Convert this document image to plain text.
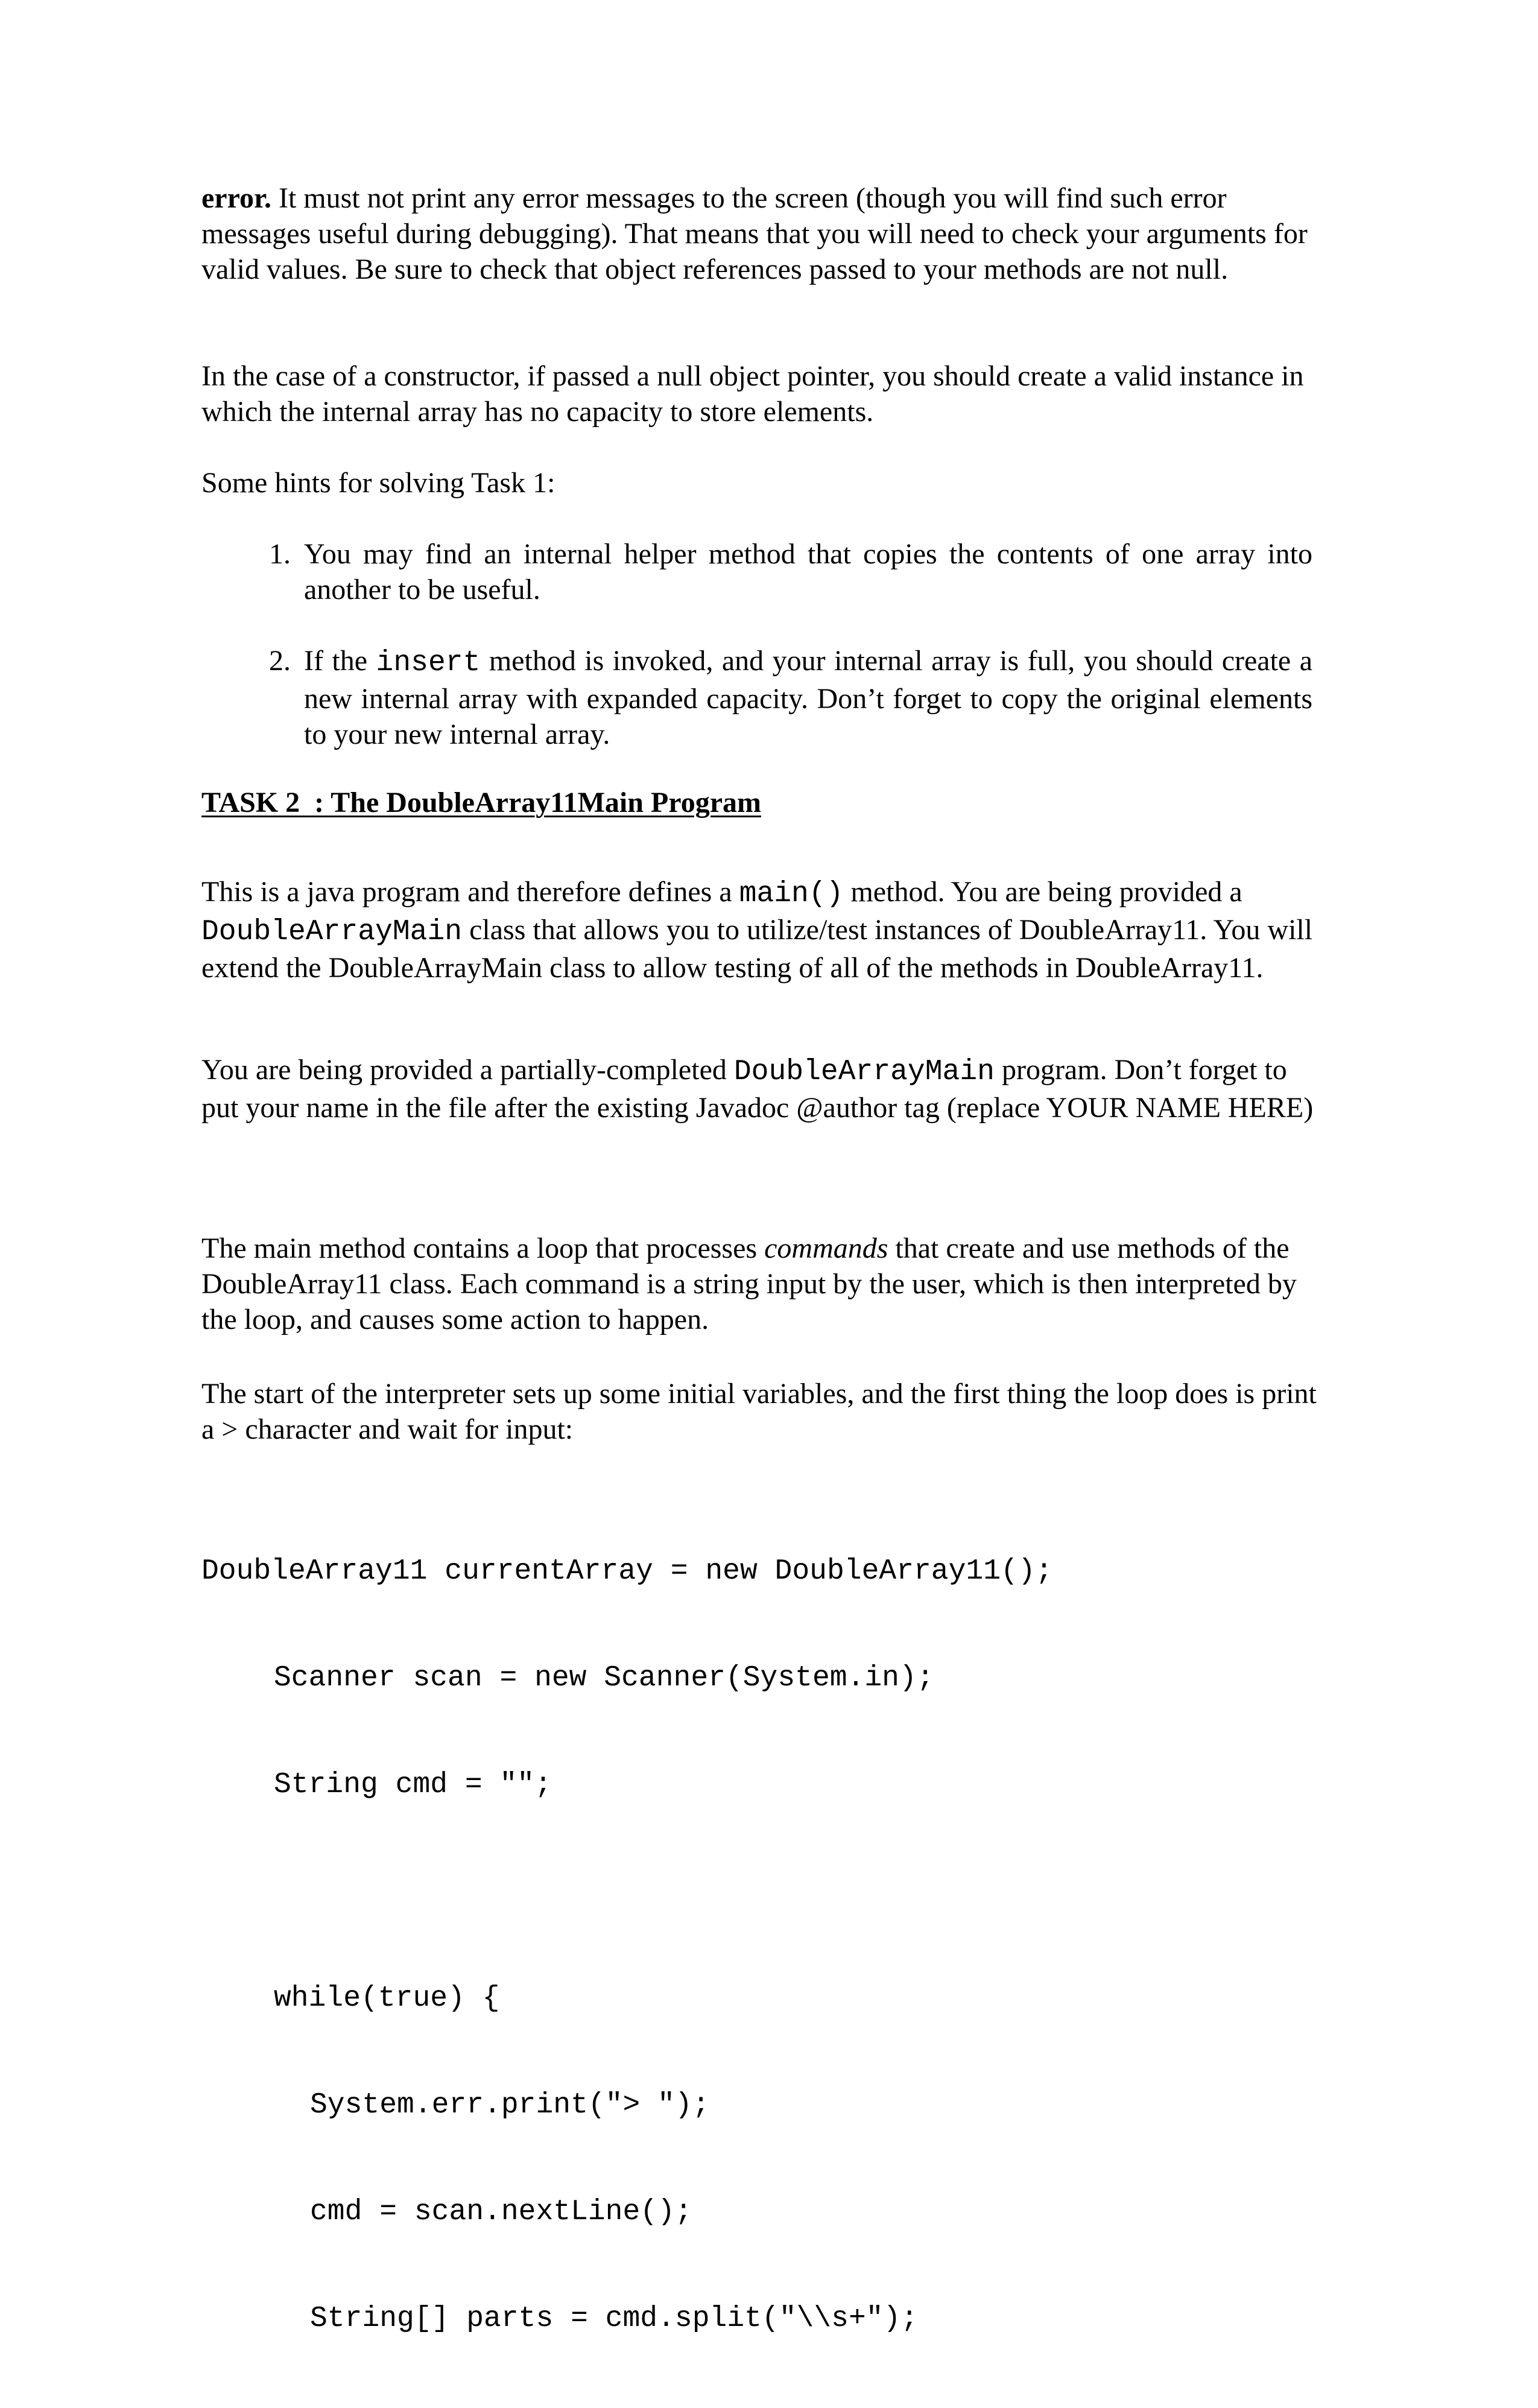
error. It must not print any error messages to the screen (though you will find such error messages useful during debugging). That means that you will need to check your arguments for valid values. Be sure to check that object references passed to your methods are not null.

In the case of a constructor, if passed a null object pointer, you should create a valid instance in which the internal array has no capacity to store elements.

Some hints for solving Task 1:

1. You may find an internal helper method that copies the contents of one array into another to be useful.
2. If the insert method is invoked, and your internal array is full, you should create a new internal array with expanded capacity. Don’t forget to copy the original elements to your new internal array.
TASK 2  : The DoubleArray11Main Program

This is a java program and therefore defines a main() method. You are being provided a DoubleArrayMain class that allows you to utilize/test instances of DoubleArray11. You will extend the DoubleArrayMain class to allow testing of all of the methods in DoubleArray11.

You are being provided a partially-completed DoubleArrayMain program. Don’t forget to put your name in the file after the existing Javadoc @author tag (replace YOUR NAME HERE)

The main method contains a loop that processes commands that create and use methods of the DoubleArray11 class. Each command is a string input by the user, which is then interpreted by the loop, and causes some action to happen.

The start of the interpreter sets up some initial variables, and the first thing the loop does is print a > character and wait for input:

DoubleArray11 currentArray = new DoubleArray11();

Scanner scan = new Scanner(System.in);

String cmd = "";

while(true) {

System.err.print("> ");

cmd = scan.nextLine();

String[] parts = cmd.split("\\s+");
